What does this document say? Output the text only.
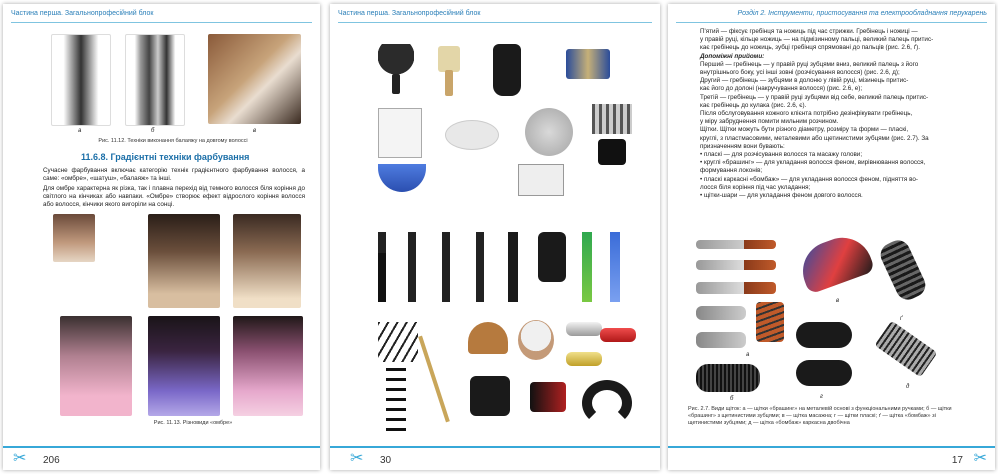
Частина перша. Загальнопрофесійний блок
а	б	в
Рис. 11.12. Техніки виконання балаяжу на довгому волоссі
11.6.8. Градієнтні техніки фарбування
Сучасне фарбування включає категорію технік градієнтного фарбування волосся, а саме: «омбре», «шатуш», «балаяж» та інші.
Для омбре характерна як різка, так і плавна перехід від темного волосся біля коріння до світлого на кінчиках або навпаки. «Омбре» створює ефект відрослого коріння волосся або волосся, кінчики якого вигоріли на сонці.
Рис. 11.13. Різновиди «омбре»
✂ 206
Частина перша. Загальнопрофесійний блок
✂ 30
Розділ 2. Інструменти, пристосування та електрообладнання перукарень
П'ятий — фіксує гребінця та ножиць під час стрижки. Гребінець і ножиці —
у правій руці, кільце ножиць — на підмізинному пальці, великий палець притис-
кає гребінець до ножиць, зубці гребінця спрямовані до пальців (рис. 2.6, ґ).
Допоміжні прийоми:
Перший — гребінець — у правій руці зубцями вниз, великий палець з його
внутрішнього боку, усі інші зовні (розчісування волосся) (рис. 2.6, д);
Другий — гребінець — зубцями в долоню у лівій руці, мізинець притис-
кає його до долоні (накручування волосся) (рис. 2.6, е);
Третій — гребінець — у правій руці зубцями від себе, великий палець притис-
кає гребінець до кулака (рис. 2.6, є).
Після обслуговування кожного клієнта потрібно дезінфікувати гребінець,
у міру забруднення помити мильним розчином.
Щітки. Щітки можуть бути різного діаметру, розміру та форми — пласкі,
круглі, з пластмасовими, металевими або щетинистими зубцями (рис. 2.7). За
призначенням вони бувають:
• пласкі — для розчісування волосся та масажу голови;
• круглі «брашинг» — для укладання волосся феном, вирівнювання волосся,
формування локонів;
• пласкі каркасні «бомбаж» — для укладання волосся феном, підняття во-
лосся біля коріння під час укладання;
• щітки-шари — для укладання феном довгого волосся.
а
б
в
г
ґ
д
Рис. 2.7. Види щіток: а — щітки «брашинг» на металевій основі з функціональними ручками; б — щітки «брашинг» з щетинистими зубцями; в — щітка масажна; г — щітки пласкі; ґ — щітка «бомбаж» зі щетинистими зубцями; д — щітка «бомбаж» каркасна двобічна
17 ✂
